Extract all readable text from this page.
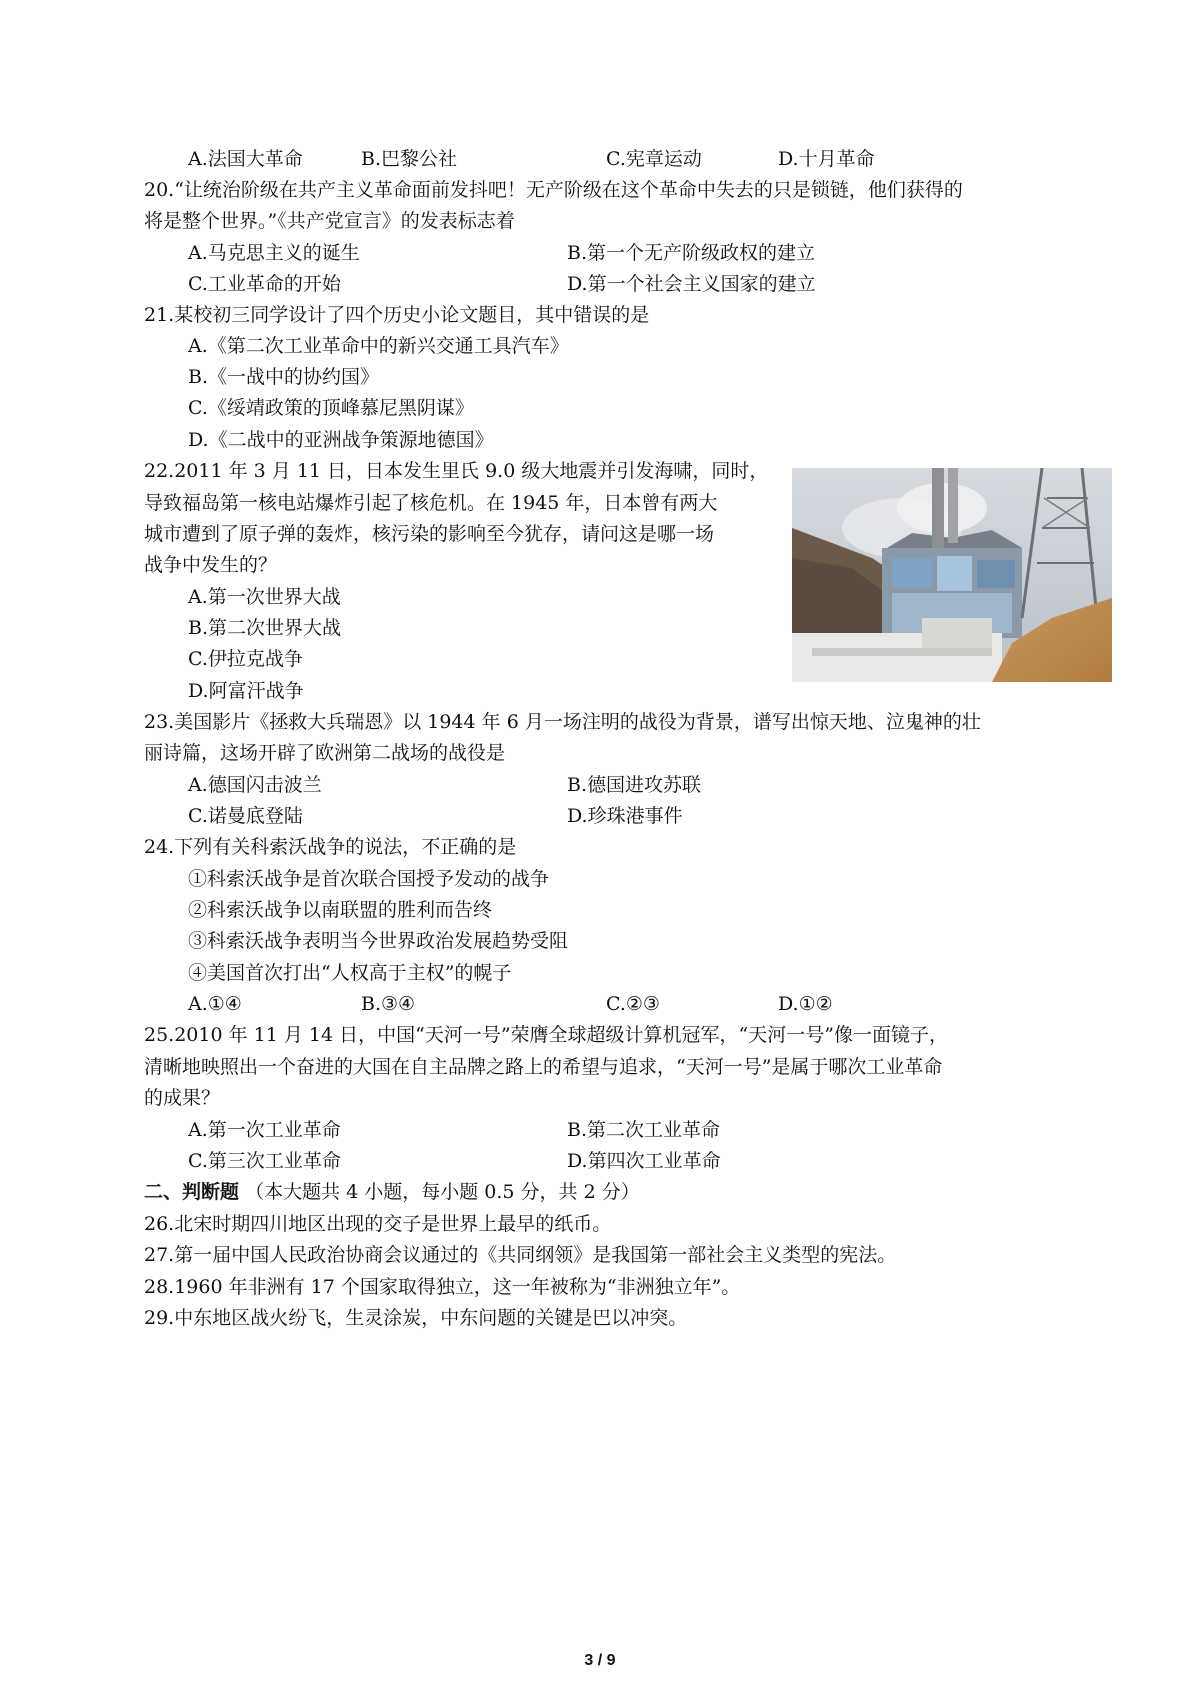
A.法国大革命	B.巴黎公社	C.宪章运动	D.十月革命
20.“让统治阶级在共产主义革命面前发抖吧！无产阶级在这个革命中失去的只是锁链，他们获得的
将是整个世界。”《共产党宣言》的发表标志着
A.马克思主义的诞生	B.第一个无产阶级政权的建立
C.工业革命的开始	D.第一个社会主义国家的建立
21.某校初三同学设计了四个历史小论文题目，其中错误的是
A.《第二次工业革命中的新兴交通工具汽车》
B.《一战中的协约国》
C.《绥靖政策的顶峰慕尼黑阴谋》
D.《二战中的亚洲战争策源地德国》
22.2011 年 3 月 11 日，日本发生里氏 9.0 级大地震并引发海啸，同时，
导致福岛第一核电站爆炸引起了核危机。在 1945 年，日本曾有两大
城市遭到了原子弹的轰炸，核污染的影响至今犹存，请问这是哪一场
战争中发生的？
A.第一次世界大战
B.第二次世界大战
C.伊拉克战争
D.阿富汗战争
23.美国影片《拯救大兵瑞恩》以 1944 年 6 月一场注明的战役为背景，谱写出惊天地、泣鬼神的壮
丽诗篇，这场开辟了欧洲第二战场的战役是
A.德国闪击波兰	B.德国进攻苏联
C.诺曼底登陆	D.珍珠港事件
24.下列有关科索沃战争的说法，不正确的是
①科索沃战争是首次联合国授予发动的战争
②科索沃战争以南联盟的胜利而告终
③科索沃战争表明当今世界政治发展趋势受阻
④美国首次打出“人权高于主权”的幌子
A.①④	B.③④	C.②③	D.①②
25.2010 年 11 月 14 日，中国“天河一号”荣膺全球超级计算机冠军，“天河一号”像一面镜子，
清晰地映照出一个奋进的大国在自主品牌之路上的希望与追求，“天河一号”是属于哪次工业革命
的成果？
A.第一次工业革命	B.第二次工业革命
C.第三次工业革命	D.第四次工业革命
二、判断题 （本大题共 4 小题，每小题 0.5 分，共 2 分）
26.北宋时期四川地区出现的交子是世界上最早的纸币。
27.第一届中国人民政治协商会议通过的《共同纲领》是我国第一部社会主义类型的宪法。
28.1960 年非洲有 17 个国家取得独立，这一年被称为“非洲独立年”。
29.中东地区战火纷飞，生灵涂炭，中东问题的关键是巴以冲突。
3 / 9
